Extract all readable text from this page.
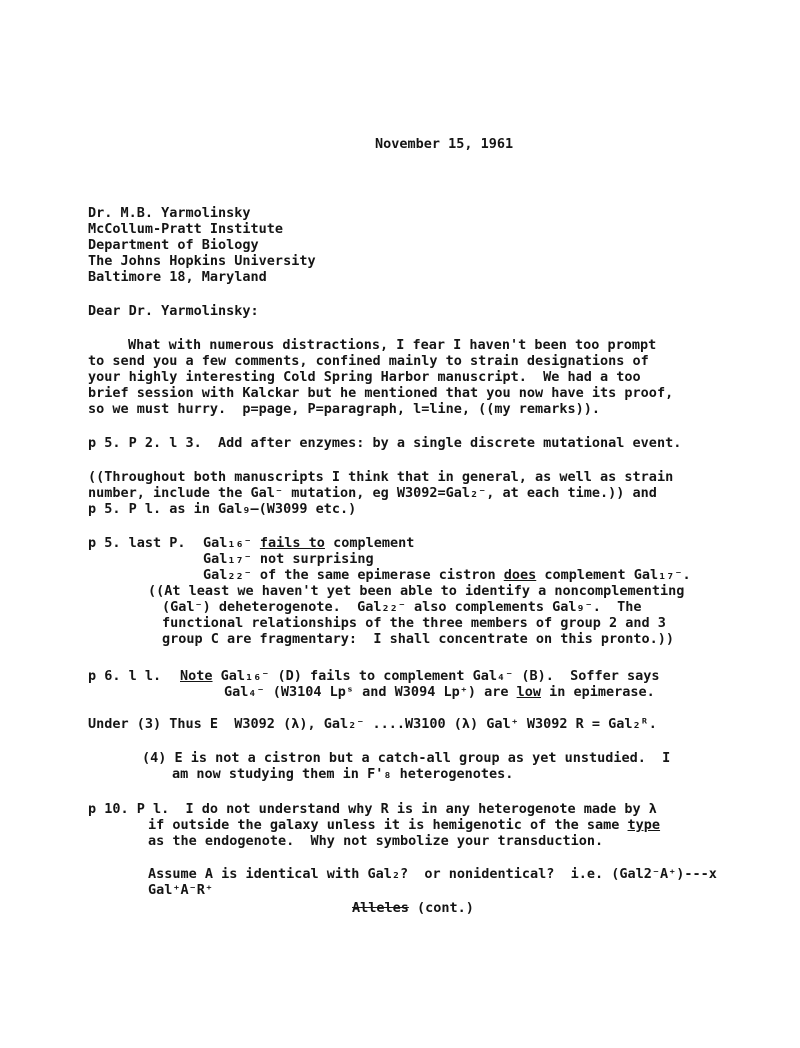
November 15, 1961
Dr. M.B. Yarmolinsky
McCollum-Pratt Institute
Department of Biology
The Johns Hopkins University
Baltimore 18, Maryland
Dear Dr. Yarmolinsky:
What with numerous distractions, I fear I haven't been too prompt
to send you a few comments, confined mainly to strain designations of
your highly interesting Cold Spring Harbor manuscript.  We had a too
brief session with Kalckar but he mentioned that you now have its proof,
so we must hurry.  p=page, P=paragraph, l=line, ((my remarks)).
p 5. P 2. l 3.  Add after enzymes: by a single discrete mutational event.
((Throughout both manuscripts I think that in general, as well as strain
number, include the Gal⁻ mutation, eg W3092=Gal₂⁻, at each time.)) and
p 5. P l. as in Gal₉—(W3099 etc.)
p 5. last P. Gal₁₆⁻ fails to complement
Gal₁₇⁻ not surprising
Gal₂₂⁻ of the same epimerase cistron does complement Gal₁₇⁻.
((At least we haven't yet been able to identify a noncomplementing
(Gal⁻) deheterogenote.  Gal₂₂⁻ also complements Gal₉⁻.  The
functional relationships of the three members of group 2 and 3
group C are fragmentary:  I shall concentrate on this pronto.))
p 6. l l. Note Gal₁₆⁻ (D) fails to complement Gal₄⁻ (B).  Soffer says
Gal₄⁻ (W3104 Lpˢ and W3094 Lp⁺) are low in epimerase.
Under (3) Thus E  W3092 (λ), Gal₂⁻ ....W3100 (λ) Gal⁺ W3092 R = Gal₂ᴿ.
(4) E is not a cistron but a catch-all group as yet unstudied.  I
am now studying them in F'₈ heterogenotes.
p 10. P l.  I do not understand why R is in any heterogenote made by λ
if outside the galaxy unless it is hemigenotic of the same type
as the endogenote.  Why not symbolize your transduction.
Assume A is identical with Gal₂?  or nonidentical?  i.e. (Gal2⁻A⁺)---x
Gal⁺A⁻R⁺
Alleles (cont.)
